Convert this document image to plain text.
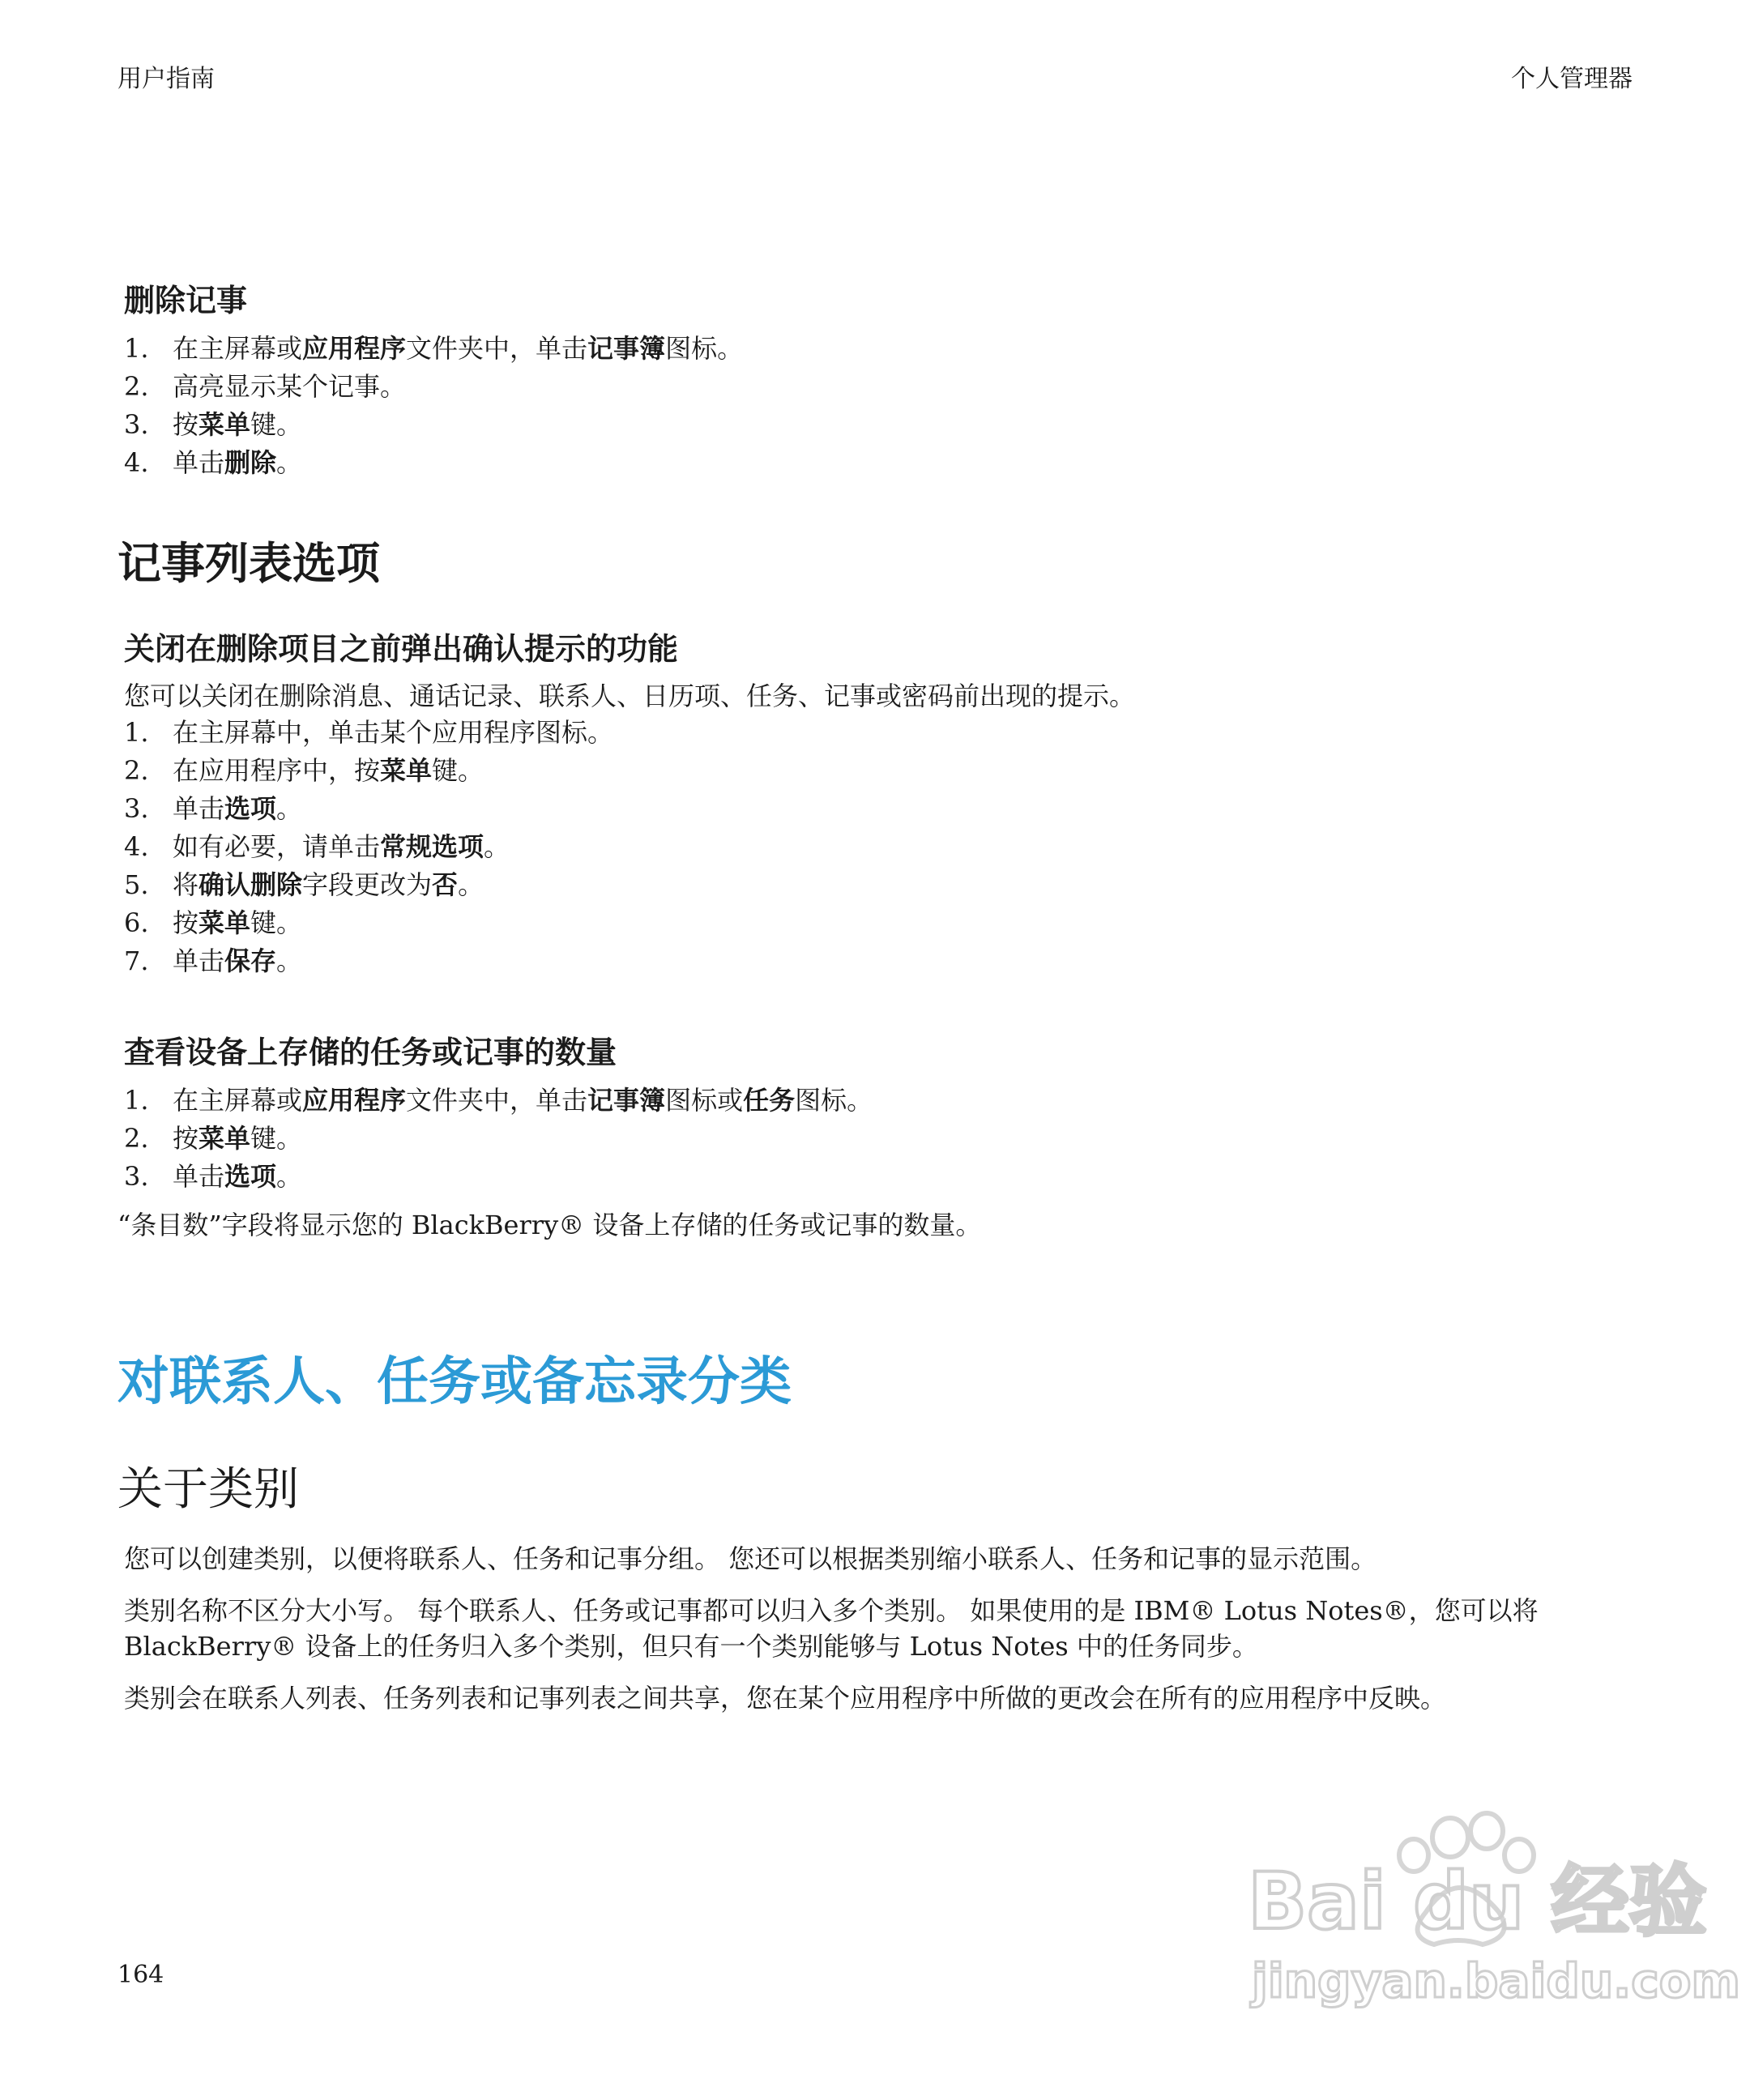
用户指南	个人管理器
删除记事
1. 在主屏幕或应用程序文件夹中，单击记事簿图标。
2. 高亮显示某个记事。
3. 按菜单键。
4. 单击删除。
记事列表选项
关闭在删除项目之前弹出确认提示的功能

您可以关闭在删除消息、通话记录、联系人、日历项、任务、记事或密码前出现的提示。

1. 在主屏幕中，单击某个应用程序图标。
2. 在应用程序中，按菜单键。
3. 单击选项。
4. 如有必要，请单击常规选项。
5. 将确认删除字段更改为否。
6. 按菜单键。
7. 单击保存。
查看设备上存储的任务或记事的数量
1. 在主屏幕或应用程序文件夹中，单击记事簿图标或任务图标。
2. 按菜单键。
3. 单击选项。

“条目数”字段将显示您的 BlackBerry® 设备上存储的任务或记事的数量。

对联系人、任务或备忘录分类
关于类别

您可以创建类别，以便将联系人、任务和记事分组。 您还可以根据类别缩小联系人、任务和记事的显示范围。

类别名称不区分大小写。 每个联系人、任务或记事都可以归入多个类别。 如果使用的是 IBM® Lotus Notes®，您可以将 BlackBerry® 设备上的任务归入多个类别，但只有一个类别能够与 Lotus Notes 中的任务同步。

类别会在联系人列表、任务列表和记事列表之间共享，您在某个应用程序中所做的更改会在所有的应用程序中反映。

164
Bai du 经验
jingyan.baidu.com
